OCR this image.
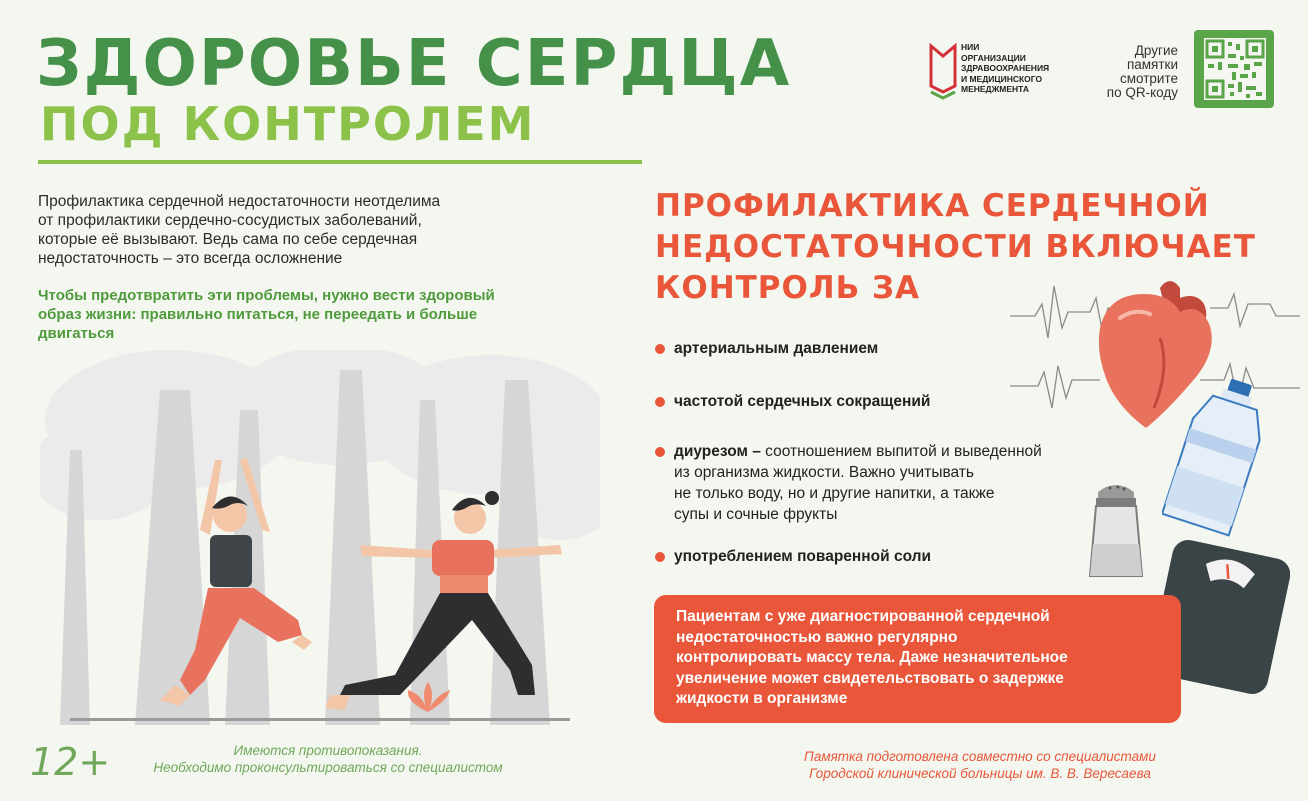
ЗДОРОВЬЕ СЕРДЦА
ПОД КОНТРОЛЕМ
НИИ
ОРГАНИЗАЦИИ
ЗДРАВООХРАНЕНИЯ
И МЕДИЦИНСКОГО
МЕНЕДЖМЕНТА
Другие
памятки
смотрите
по QR-коду
Профилактика сердечной недостаточности неотделима
от профилактики сердечно-сосудистых заболеваний,
которые её вызывают. Ведь сама по себе сердечная
недостаточность – это всегда осложнение
Чтобы предотвратить эти проблемы, нужно вести здоровый
образ жизни: правильно питаться, не переедать и больше
двигаться
ПРОФИЛАКТИКА СЕРДЕЧНОЙ
НЕДОСТАТОЧНОСТИ ВКЛЮЧАЕТ
КОНТРОЛЬ ЗА
артериальным давлением
частотой сердечных сокращений
диурезом – соотношением выпитой и выведенной
из организма жидкости. Важно учитывать
не только воду, но и другие напитки, а также
супы и сочные фрукты
употреблением поваренной соли
Пациентам с уже диагностированной сердечной
недостаточностью важно регулярно
контролировать массу тела. Даже незначительное
увеличение может свидетельствовать о задержке
жидкости в организме
12+	Имеются противопоказания.
Необходимо проконсультироваться со специалистом
Памятка подготовлена совместно со специалистами
Городской клинической больницы им. В. В. Вересаева
